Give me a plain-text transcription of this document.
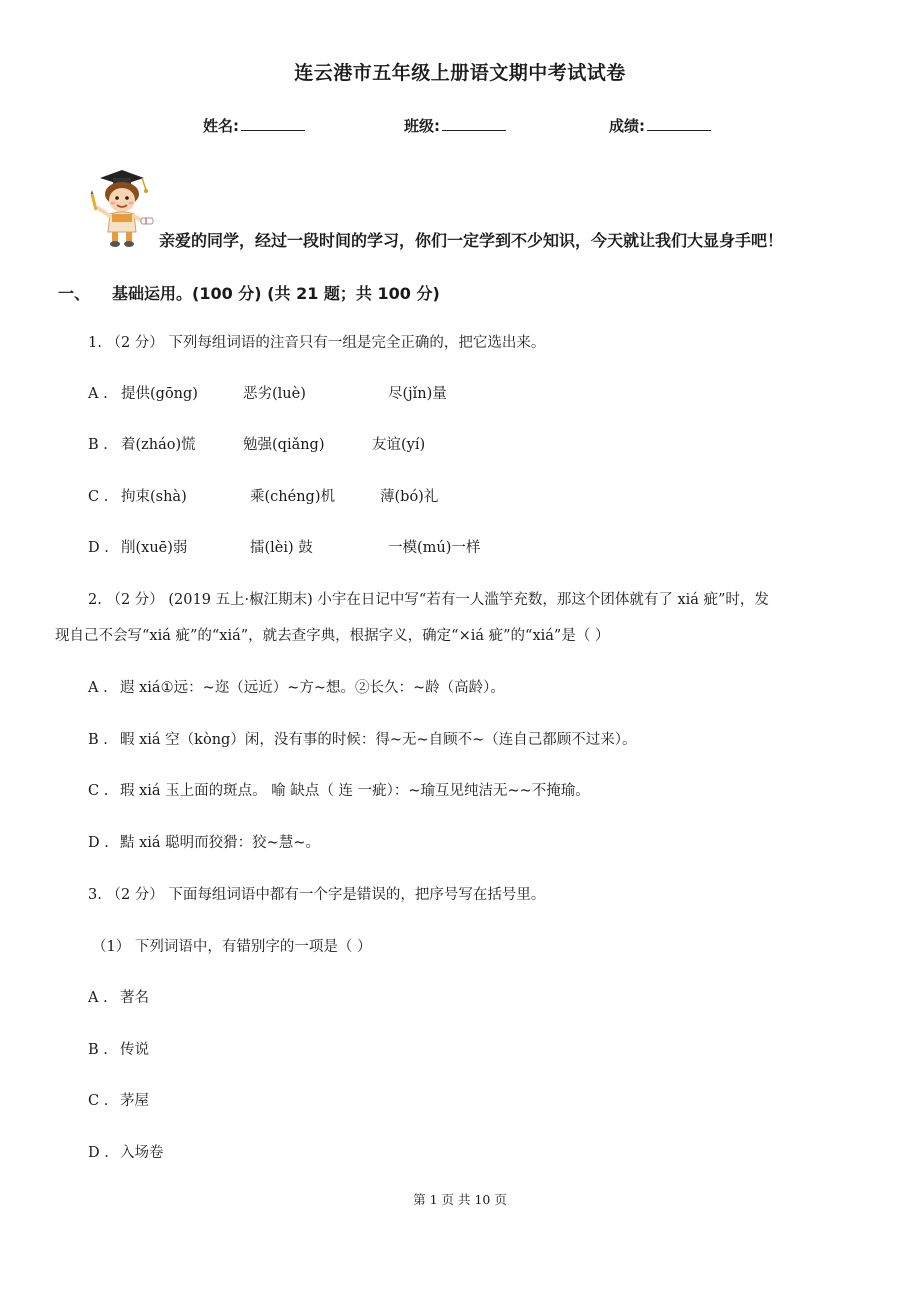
连云港市五年级上册语文期中考试试卷
姓名:	班级:	成绩:
亲爱的同学，经过一段时间的学习，你们一定学到不少知识，今天就让我们大显身手吧！
一、 基础运用。(100 分) (共 21 题；共 100 分)
1. （2 分） 下列每组词语的注音只有一组是完全正确的，把它选出来。
A . 提供(gōng)	恶劣(luè)	尽(jǐn)量
B . 着(zháo)慌	勉强(qiǎng)	友谊(yí)
C . 拘束(shà)	乘(chéng)机	薄(bó)礼
D . 削(xuē)弱	擂(lèi) 鼓	一模(mú)一样
2. （2 分） (2019 五上·椒江期末) 小宇在日记中写“若有一人滥竽充数，那这个团体就有了 xiá 疵”时，发
现自己不会写“xiá 疵”的“xiá”，就去查字典，根据字义，确定“×iá 疵”的“xiá”是（ ）
A . 遐 xiá①远：~迩（远近）~方~想。②长久：~龄（高龄）。
B . 暇 xiá 空（kòng）闲，没有事的时候：得~无~自顾不~（连自己都顾不过来）。
C . 瑕 xiá 玉上面的斑点。 喻 缺点（ 连 一疵）：~瑜互见纯洁无~~不掩瑜。
D . 黠 xiá 聪明而狡猾：狡~慧~。
3. （2 分） 下面每组词语中都有一个字是错误的，把序号写在括号里。
（1） 下列词语中，有错别字的一项是（ ）
A . 著名
B . 传说
C . 茅屋
D . 入场卷
第 1 页 共 10 页
